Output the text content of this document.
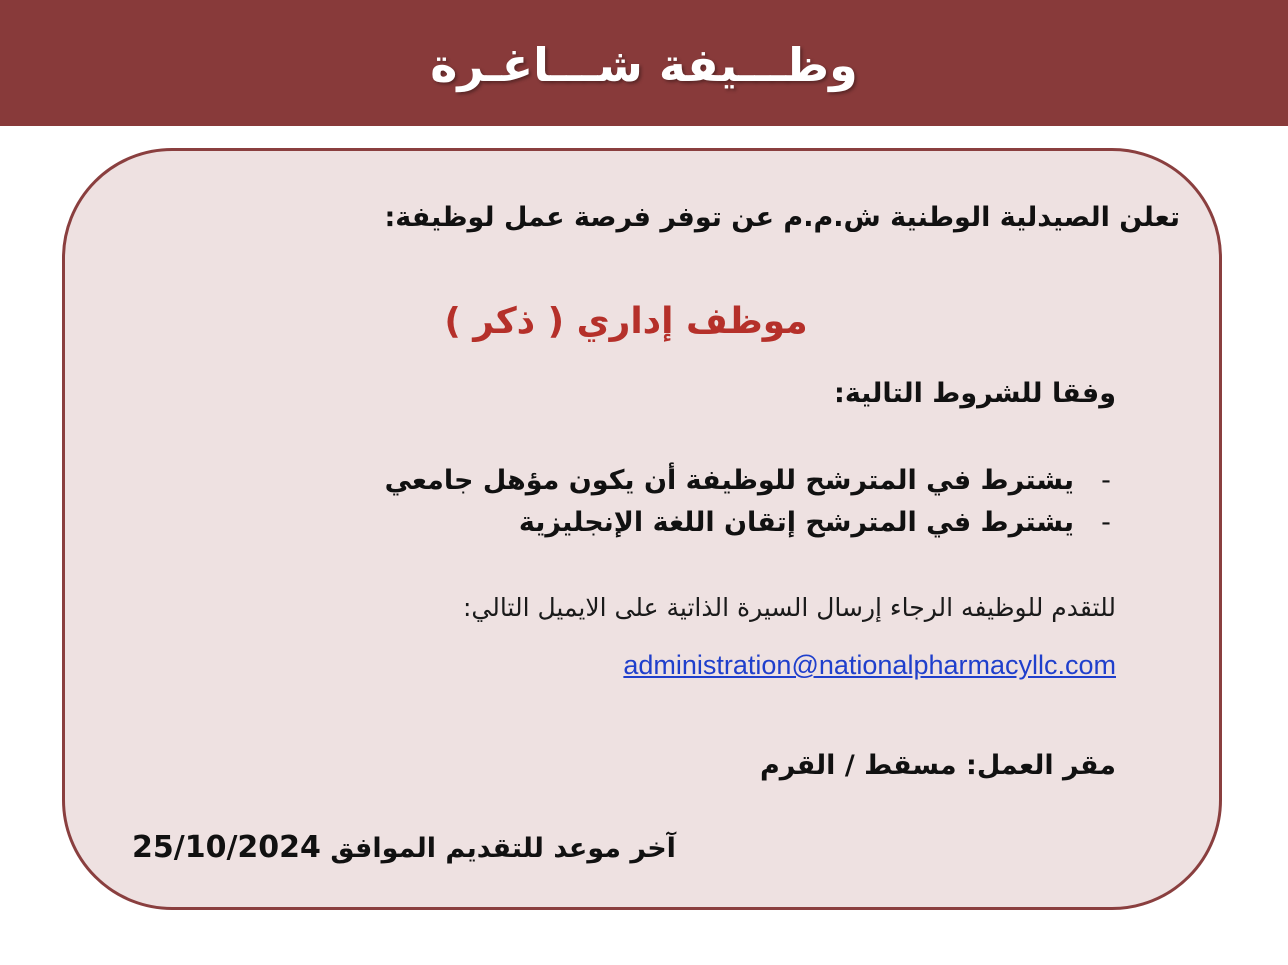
وظـــيفة شـــاغـرة
تعلن الصيدلية الوطنية ش.م.م عن توفر فرصة عمل لوظيفة:
موظف إداري ( ذكر )
وفقا للشروط التالية:
-
يشترط في المترشح للوظيفة أن يكون مؤهل جامعي
-
يشترط في المترشح إتقان اللغة الإنجليزية
للتقدم للوظيفه الرجاء إرسال السيرة الذاتية على الايميل التالي:
administration@nationalpharmacyllc.com
مقر العمل: مسقط / القرم
آخر موعد للتقديم الموافق 25/10/2024
